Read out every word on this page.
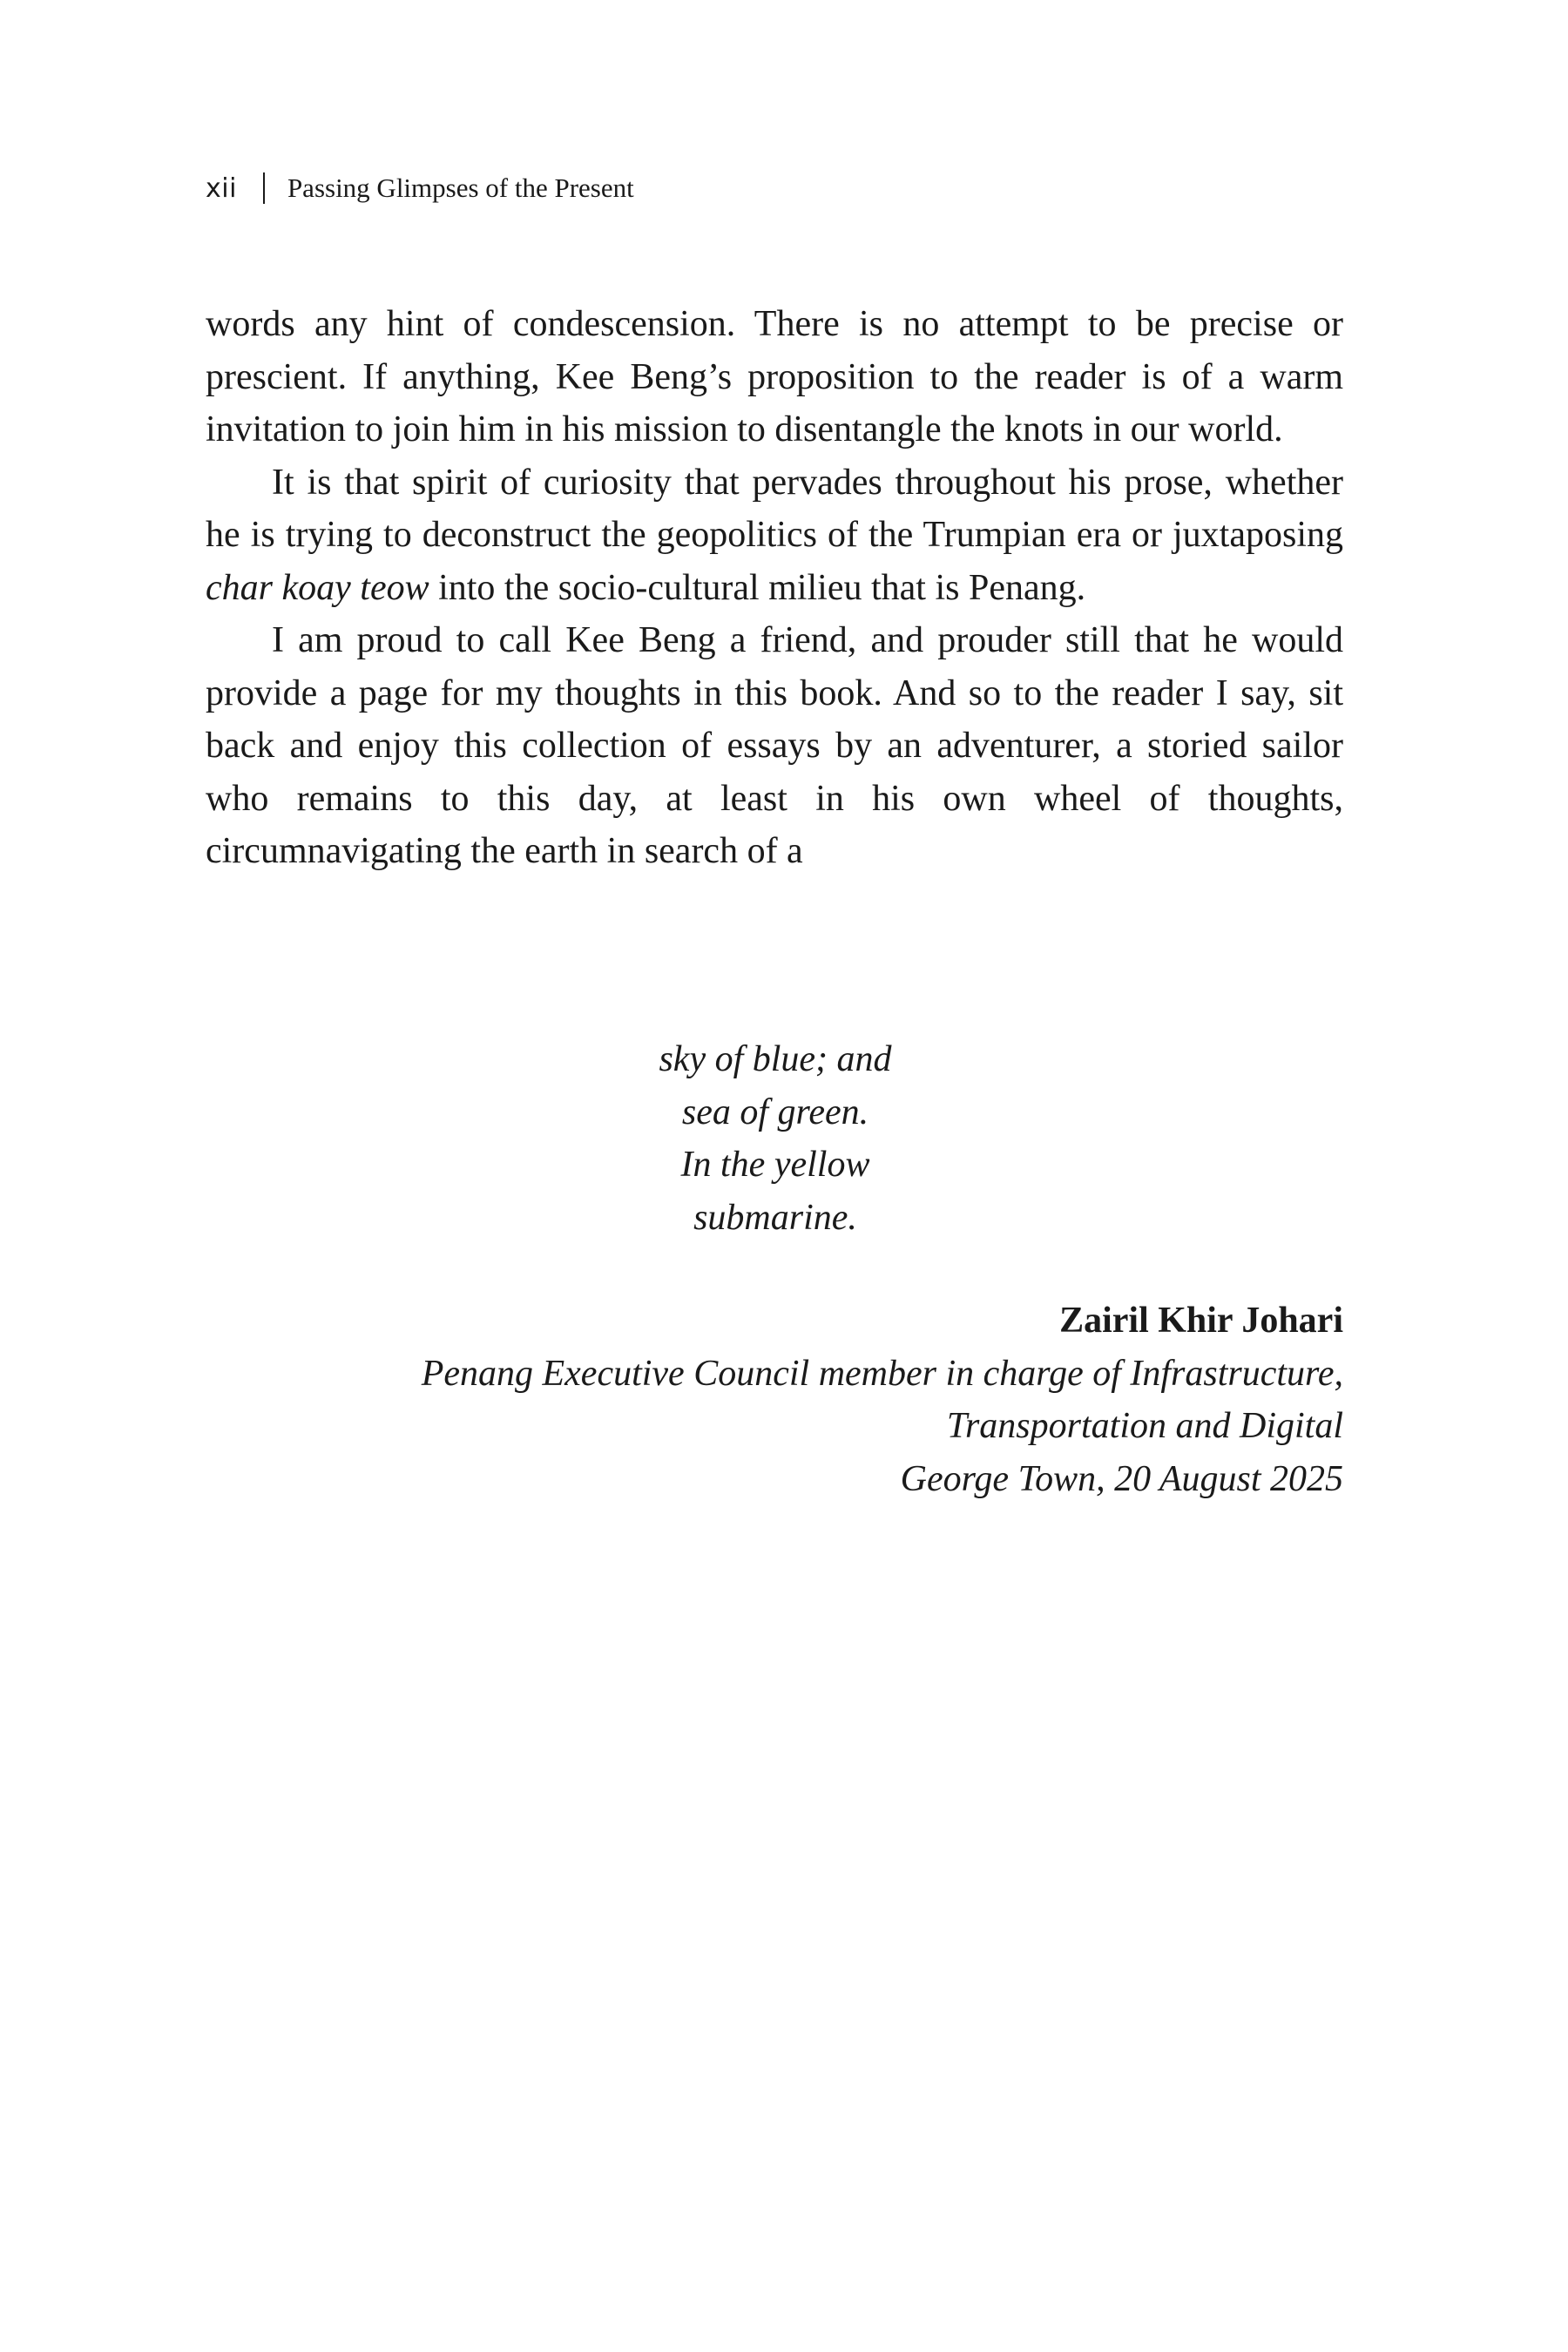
xii Passing Glimpses of the Present

words any hint of condescension. There is no attempt to be precise or prescient. If anything, Kee Beng’s proposition to the reader is of a warm invitation to join him in his mission to disentangle the knots in our world.

It is that spirit of curiosity that pervades throughout his prose, whether he is trying to deconstruct the geopolitics of the Trumpian era or juxtaposing char koay teow into the socio-cultural milieu that is Penang.

I am proud to call Kee Beng a friend, and prouder still that he would provide a page for my thoughts in this book. And so to the reader I say, sit back and enjoy this collection of essays by an adventurer, a storied sailor who remains to this day, at least in his own wheel of thoughts, circumnavigating the earth in search of a

sky of blue; and
sea of green.
In the yellow
submarine.
Zairil Khir Johari
Penang Executive Council member in charge of Infrastructure,
Transportation and Digital
George Town, 20 August 2025
